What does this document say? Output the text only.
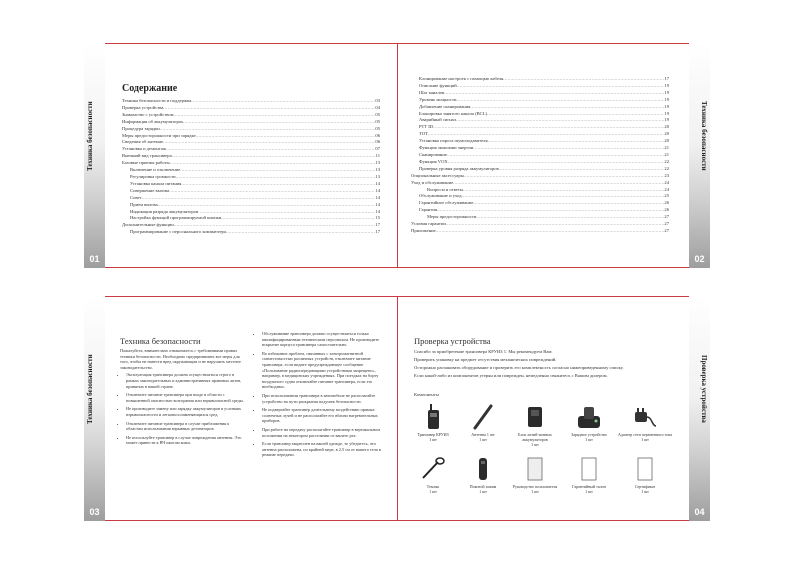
Техника безопасности
01
Техника безопасности
02
Содержание
Техника безопасности и поддержка .....	03
Проверка устройства .....	04
Знакомство с устройством .....	05
Информация об аккумуляторах .....	05
Процедура зарядки .....	05
Меры предосторожности при зарядке .....	06
Сведения об антенне .....	06
Установка и демонтаж .....	07
Внешний вид трансивера .....	11
Базовые приемы работы .....	13
Включение и отключение .....	13
Регулировка громкости .....	13
Установка канала питания .....	14
Совершение вызова .....	14
Совет .....	14
Прием вызова .....	14
Индикация разряда аккумуляторов .....	14
Настройка функций программируемой кнопки .....	15
Дополнительные функции .....	17
Программирование с персонального компьютера .....	17
Клонирование настроек с помощью кабеля .....	17
Описание функций .....	19
Шаг каналов .....	19
Уровень мощности .....	19
Добавление сканирования .....	19
Блокировка занятого канала (BCL) .....	19
Аварийный сигнал .....	19
PTT ID .....	20
ТОТ .....	20
Установка порога шумоподавителя .....	20
Функция экономии энергии .....	21
Сканирование .....	21
Функция VOX .....	22
Проверка уровня разряда аккумуляторов .....	22
Опциональные аксессуары .....	23
Уход и обслуживание .....	24
Вопросы и ответы .....	24
Обслуживание и уход .....	25
Гарантийное обслуживание .....	26
Гарантия .....	26
Меры предосторожности .....	27
Условия гарантии .....	27
Приложение .....	27
Техника безопасности
03
Проверка устройства
04
Техника безопасности

Пожалуйста, внимательно ознакомьтесь с требованиями правил техники безопасности. Необходимо предпринимать все меры для того, чтобы не нанести вред окружающим и не нарушить местное законодательство.

• Эксплуатация трансивера должна осуществляться строго в рамках законодательных и административных правовых актов, принятых в вашей стране.
• Отключите питание трансивера при входе в области с повышенной опасностью возгорания или взрывоопасной среды.
• Не производите замену или зарядку аккумуляторов в условиях взрывоопасности и легковоспламеняющихся сред.
• Отключите питание трансивера в случае приближения к областям использования взрывных детонаторов.
• Не используйте трансивер в случае повреждения антенны. Это может привести к ВЧ ожогам кожи.
• Обслуживание трансивера должно осуществляться только квалифицированным техническим персоналом. Не производите вскрытие корпуса трансивера самостоятельно.
• Во избежание проблем, связанных с электромагнитной совместимостью различных устройств, отключите питание трансивера, если видите предупреждающее сообщение «Пользование радиопередающими устройствами запрещено», например, в медицинских учреждениях. При поездках на борту воздушного судна отключайте питание трансивера, если это необходимо.
• При использовании трансивера в автомобиле не располагайте устройство на пути раскрытия подушек безопасности.
• Не подвергайте трансивер длительному воздействию прямых солнечных лучей и не располагайте его вблизи нагревательных приборов.
• При работе на передачу располагайте трансивер в вертикальном положении на некотором расстоянии от вашего рта.
• Если трансивер закреплен на вашей одежде, то убедитесь, что антенна расположена, по крайней мере, в 2,5 см от вашего тела в режиме передачи.
Проверка устройства

Спасибо за приобретение трансивера КРУИЗ 1. Мы рекомендуем Вам:

Проверить упаковку на предмет отсутствия механических повреждений.

Осторожно распаковать оборудование и проверить его комплектность согласно нижеприведенному списку.

Если какой-либо из компонентов утерян или поврежден, немедленно свяжитесь с Вашим дилером.

Компоненты
Трансивер КРУИЗ
1 шт
Антенна 1 шт
1 шт
Блок литий-ионных аккумуляторов
1 шт
Зарядное устройство
1 шт
Адаптер сети переменного тока
1 шт
Темляк
1 шт
Поясной зажим
1 шт
Руководство пользователя
1 шт
Гарантийный талон
1 шт
Сертификат
1 шт
